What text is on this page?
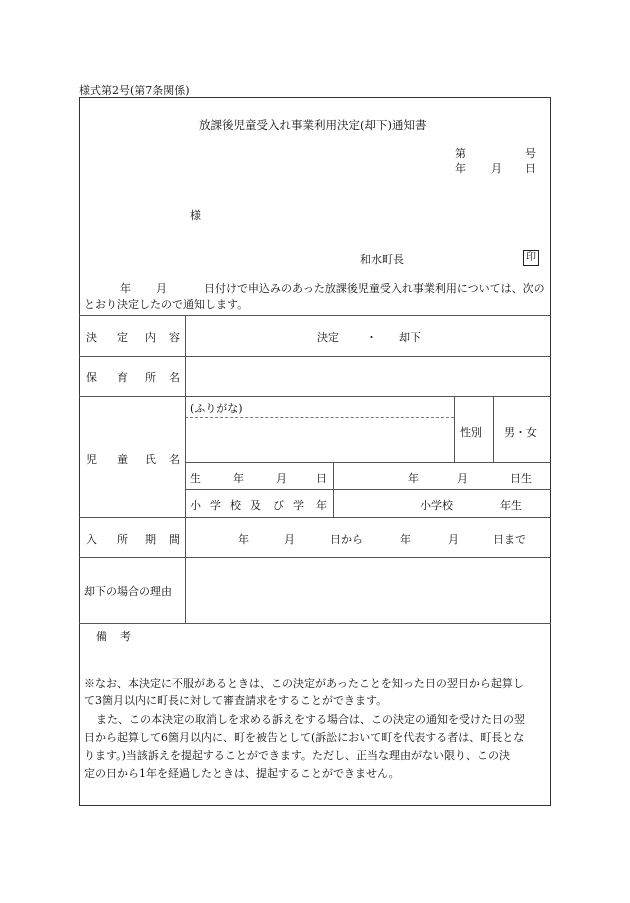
様式第2号(第7条関係)
放課後児童受入れ事業利用決定(却下)通知書
第	号
年 月 日
様
和水町長	印
年 月	日付けで申込みのあった放課後児童受入れ事業利用については、次の
とおり決定したので通知します。
決 定 内 容	決定 ・ 却下
保 育 所 名
児 童 氏 名
(ふりがな)
性別 男・女
生	年	月	日	年	月	日生
小 学 校 及 び 学 年	小学校	年生
入 所 期 間	年	月	日から	年	月	日まで
却下の場合の理由
備 考
※なお、本決定に不服があるときは、この決定があったことを知った日の翌日から起算し
て3箇月以内に町長に対して審査請求をすることができます。
また、この本決定の取消しを求める訴えをする場合は、この決定の通知を受けた日の翌
日から起算して6箇月以内に、町を被告として(訴訟において町を代表する者は、町長とな
ります。)当該訴えを提起することができます。ただし、正当な理由がない限り、この決
定の日から1年を経過したときは、提起することができません。
